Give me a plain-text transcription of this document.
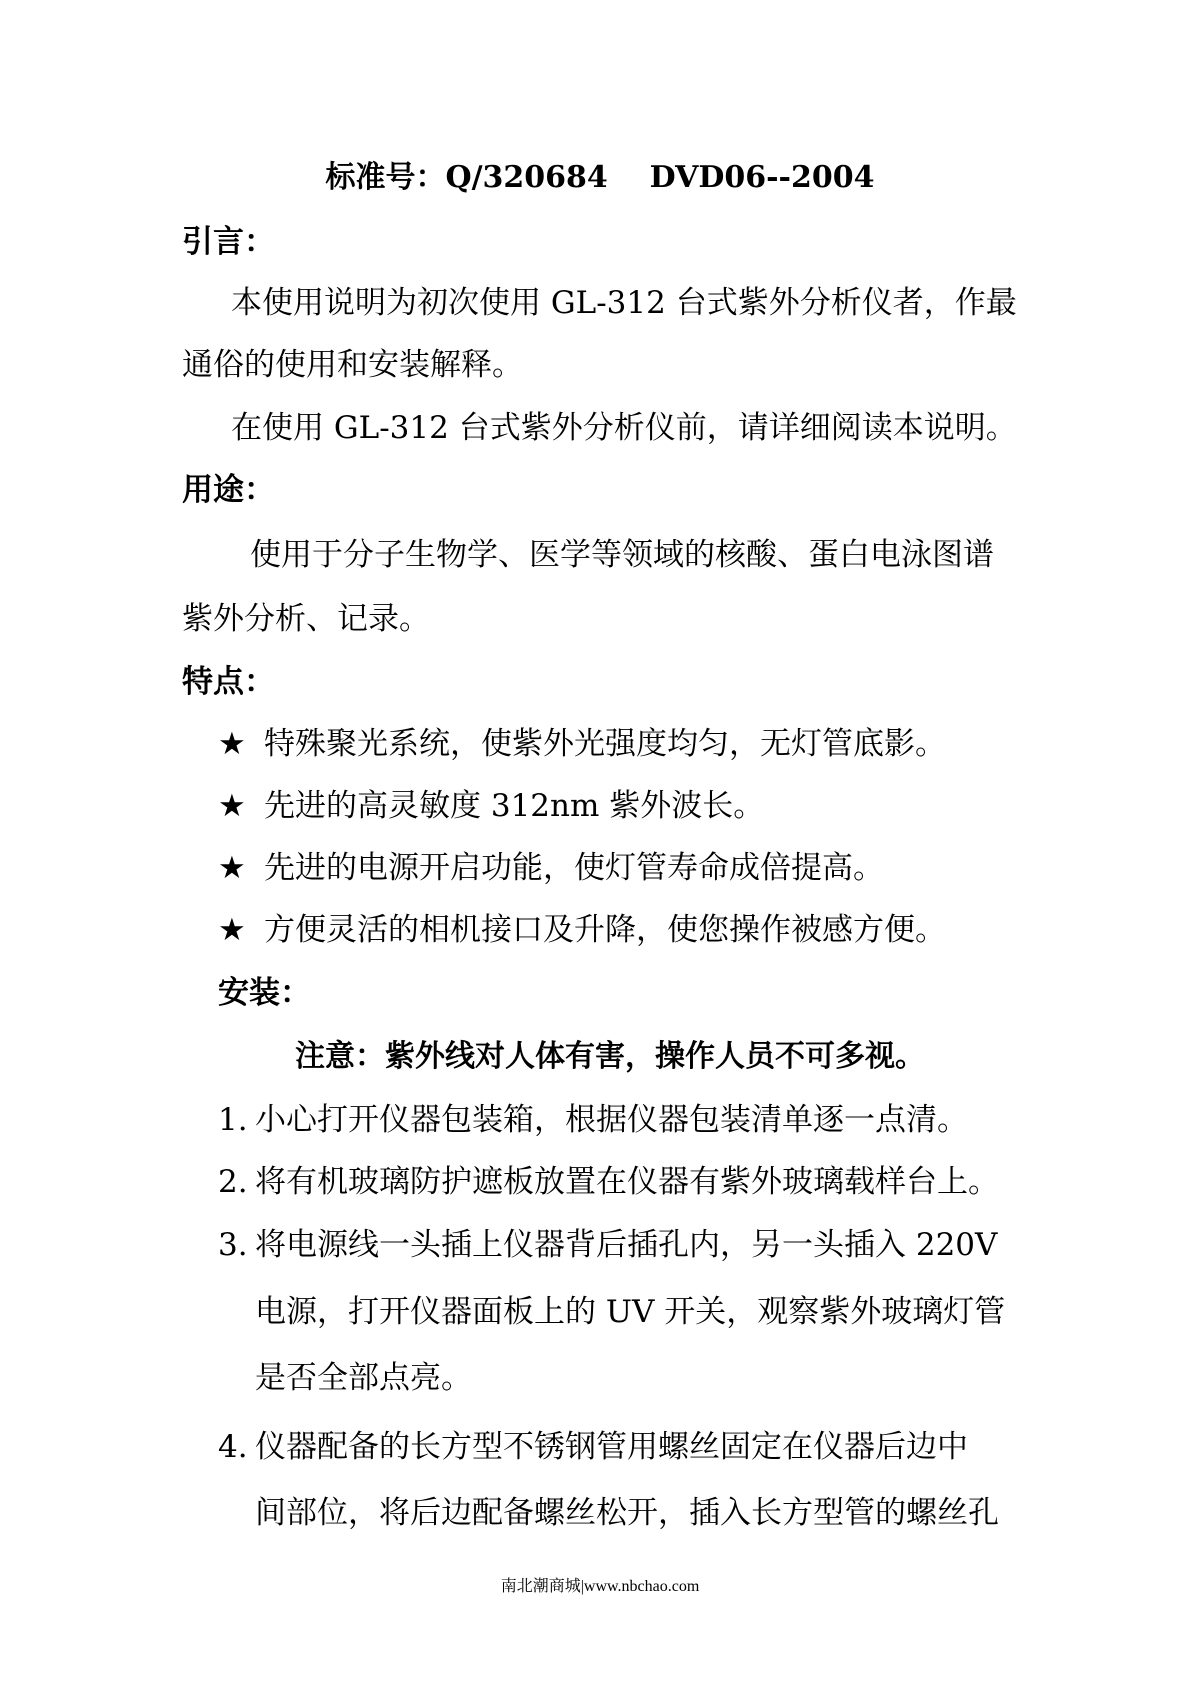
标准号：Q/320684    DVD06--2004
引言：
本使用说明为初次使用 GL-312 台式紫外分析仪者，作最
通俗的使用和安装解释。
在使用 GL-312 台式紫外分析仪前，请详细阅读本说明。
用途：
使用于分子生物学、医学等领域的核酸、蛋白电泳图谱
紫外分析、记录。
特点：
★ 特殊聚光系统，使紫外光强度均匀，无灯管底影。
★ 先进的高灵敏度 312nm 紫外波长。
★ 先进的电源开启功能，使灯管寿命成倍提高。
★ 方便灵活的相机接口及升降，使您操作被感方便。
安装：
注意：紫外线对人体有害，操作人员不可多视。
1. 小心打开仪器包装箱，根据仪器包装清单逐一点清。
2. 将有机玻璃防护遮板放置在仪器有紫外玻璃载样台上。
3. 将电源线一头插上仪器背后插孔内，另一头插入 220V
电源，打开仪器面板上的 UV 开关，观察紫外玻璃灯管
是否全部点亮。
4. 仪器配备的长方型不锈钢管用螺丝固定在仪器后边中
间部位，将后边配备螺丝松开，插入长方型管的螺丝孔
南北潮商城|www.nbchao.com
